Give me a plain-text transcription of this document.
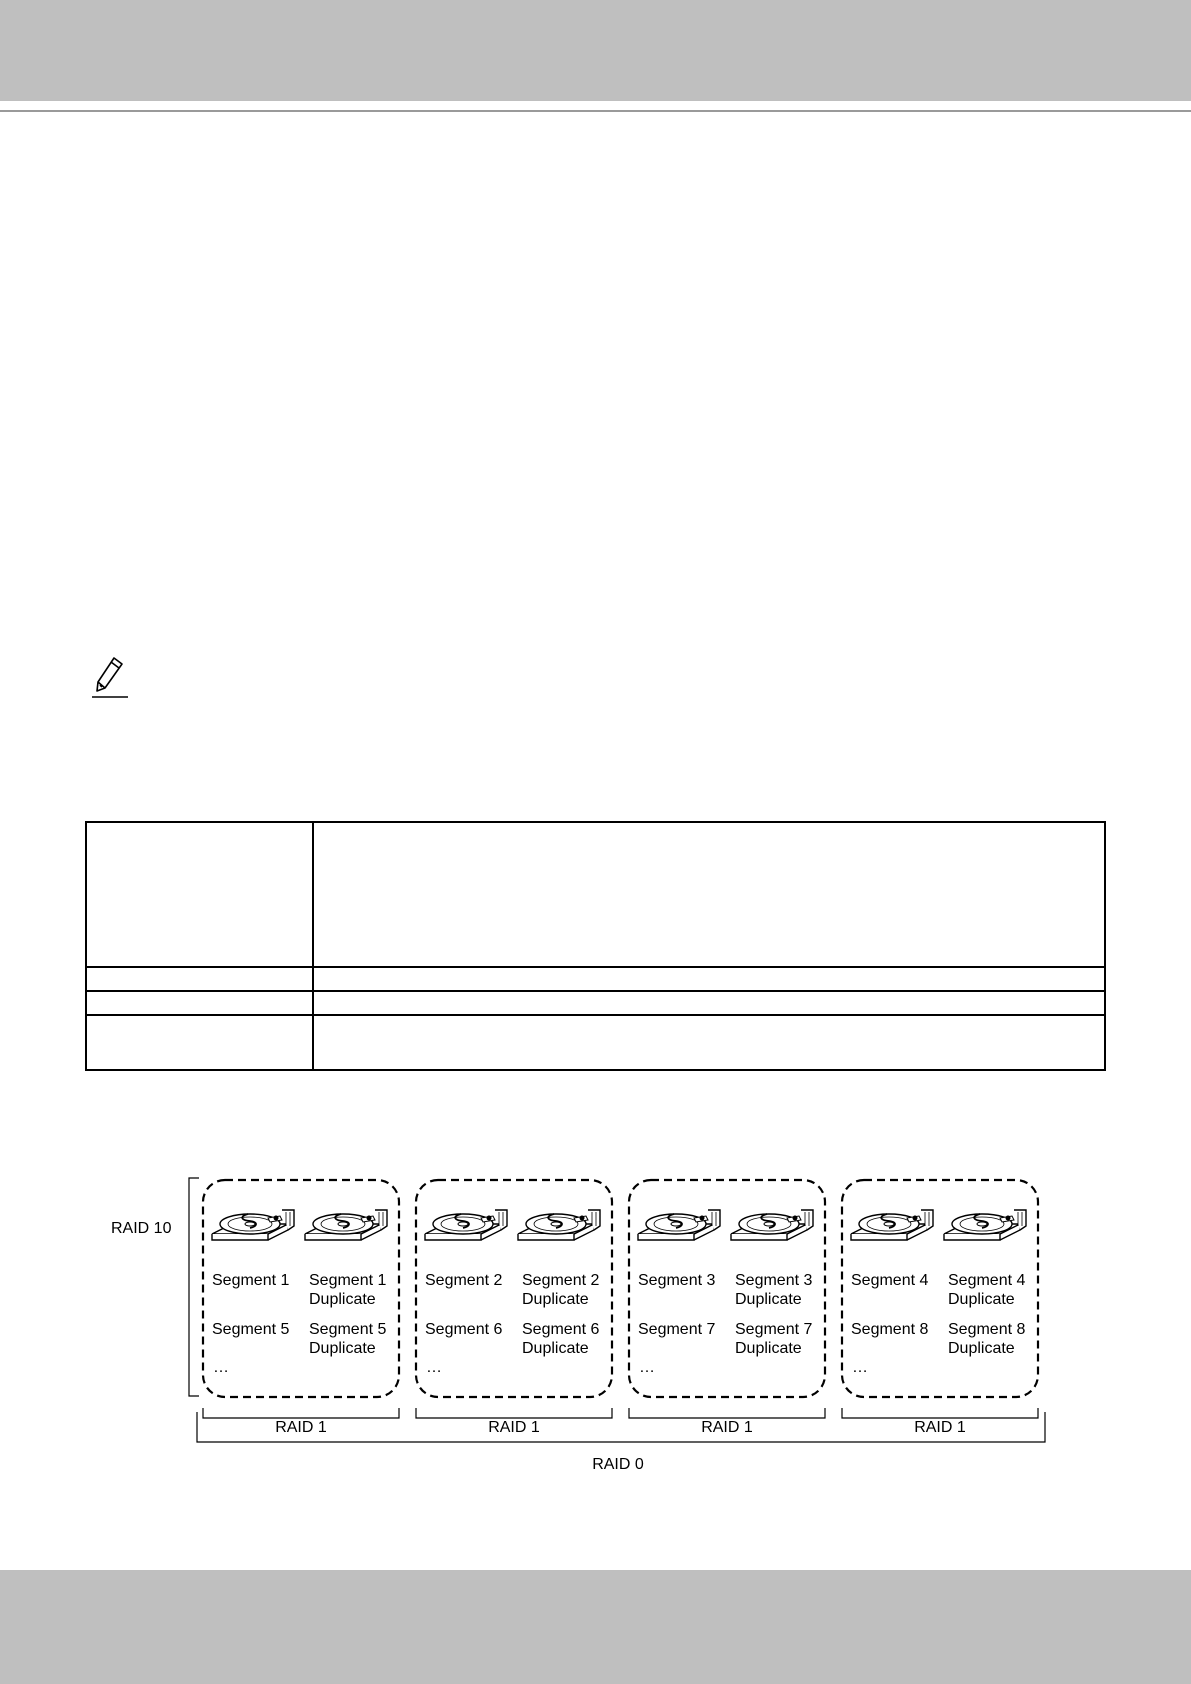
RAID 10
Segment 1
Segment 5
…
Segment 1
Duplicate
Segment 5
Duplicate
RAID 1
Segment 2
Segment 6
…
Segment 2
Duplicate
Segment 6
Duplicate
RAID 1
Segment 3
Segment 7
…
Segment 3
Duplicate
Segment 7
Duplicate
RAID 1
Segment 4
Segment 8
…
Segment 4
Duplicate
Segment 8
Duplicate
RAID 1
RAID 0
